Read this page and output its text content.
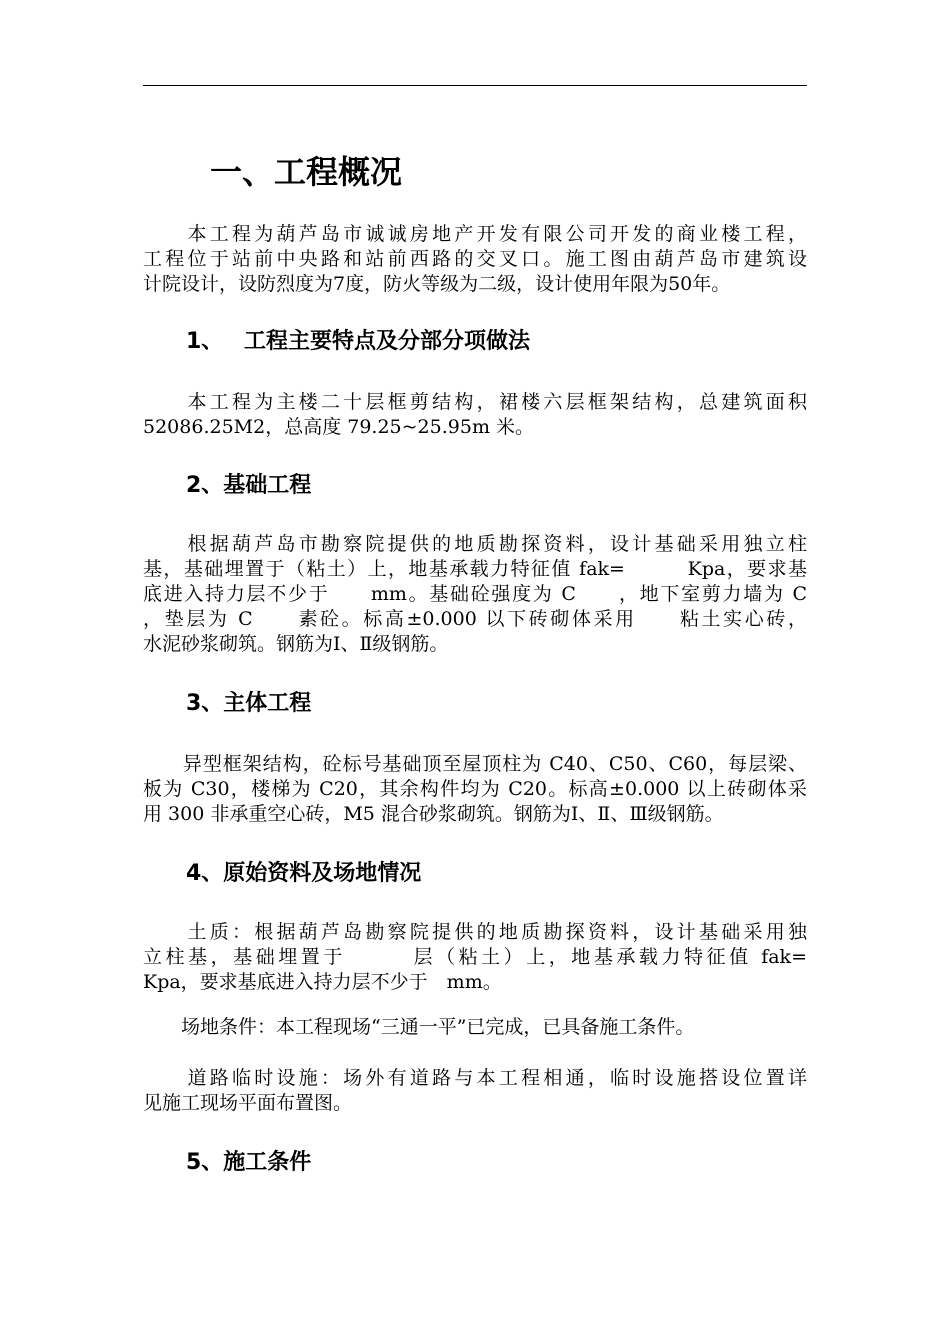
一、工程概况
　　本工程为葫芦岛市诚诚房地产开发有限公司开发的商业楼工程，
工程位于站前中央路和站前西路的交叉口。施工图由葫芦岛市建筑设
计院设计，设防烈度为7度，防火等级为二级，设计使用年限为50年。
1、 工程主要特点及分部分项做法
　　本工程为主楼二十层框剪结构，裙楼六层框架结构，总建筑面积
52086.25M2，总高度 79.25~25.95m 米。
2、基础工程
　　根据葫芦岛市勘察院提供的地质勘探资料，设计基础采用独立柱
基，基础埋置于（粘土）上，地基承载力特征值 fak=　　　Kpa，要求基
底进入持力层不少于　　mm。基础砼强度为 C　　，地下室剪力墙为 C
，垫层为 C　　素砼。标高±0.000 以下砖砌体采用　　粘土实心砖，
水泥砂浆砌筑。钢筋为Ⅰ、Ⅱ级钢筋。
3、主体工程
　　异型框架结构，砼标号基础顶至屋顶柱为 C40、C50、C60，每层梁、
板为 C30，楼梯为 C20，其余构件均为 C20。标高±0.000 以上砖砌体采
用 300 非承重空心砖，M5 混合砂浆砌筑。钢筋为Ⅰ、Ⅱ、Ⅲ级钢筋。
4、原始资料及场地情况
　　土质：根据葫芦岛勘察院提供的地质勘探资料，设计基础采用独
立柱基，基础埋置于　　　层（粘土）上，地基承载力特征值 fak=
Kpa，要求基底进入持力层不少于　mm。
　　场地条件：本工程现场“三通一平”已完成，已具备施工条件。
　　道路临时设施：场外有道路与本工程相通，临时设施搭设位置详
见施工现场平面布置图。
5、施工条件
